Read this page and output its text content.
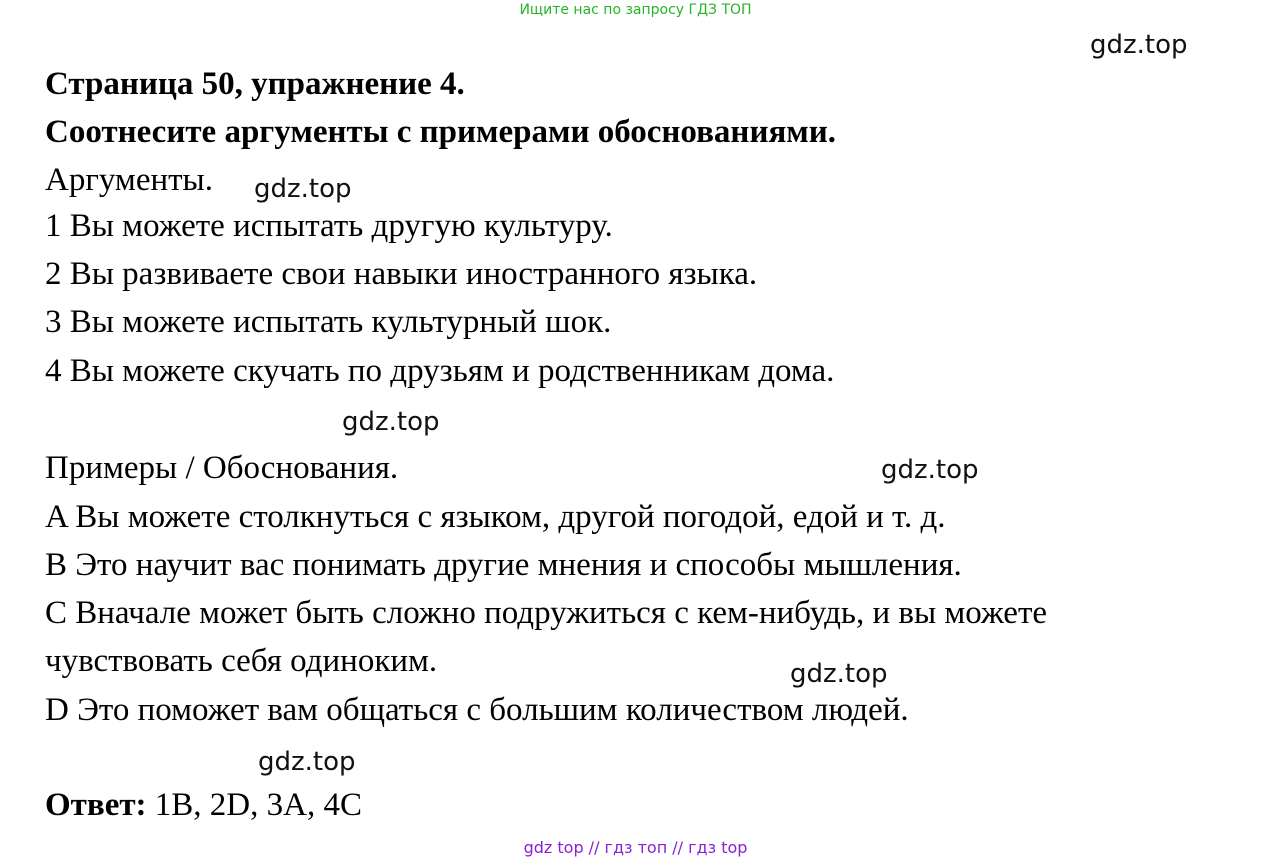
Ищите нас по запросу ГДЗ ТОП
gdz.top
gdz.top
gdz.top
gdz.top
gdz.top
gdz.top
Страница 50, упражнение 4.
Соотнесите аргументы с примерами обоснованиями.
Аргументы.
1 Вы можете испытать другую культуру.
2 Вы развиваете свои навыки иностранного языка.
3 Вы можете испытать культурный шок.
4 Вы можете скучать по друзьям и родственникам дома.
Примеры / Обоснования.
A Вы можете столкнуться с языком, другой погодой, едой и т. д.
B Это научит вас понимать другие мнения и способы мышления.
C Вначале может быть сложно подружиться с кем-нибудь, и вы можете
чувствовать себя одиноким.
D Это поможет вам общаться с большим количеством людей.
Ответ: 1B, 2D, 3A, 4C
gdz top // гдз топ // гдз top
